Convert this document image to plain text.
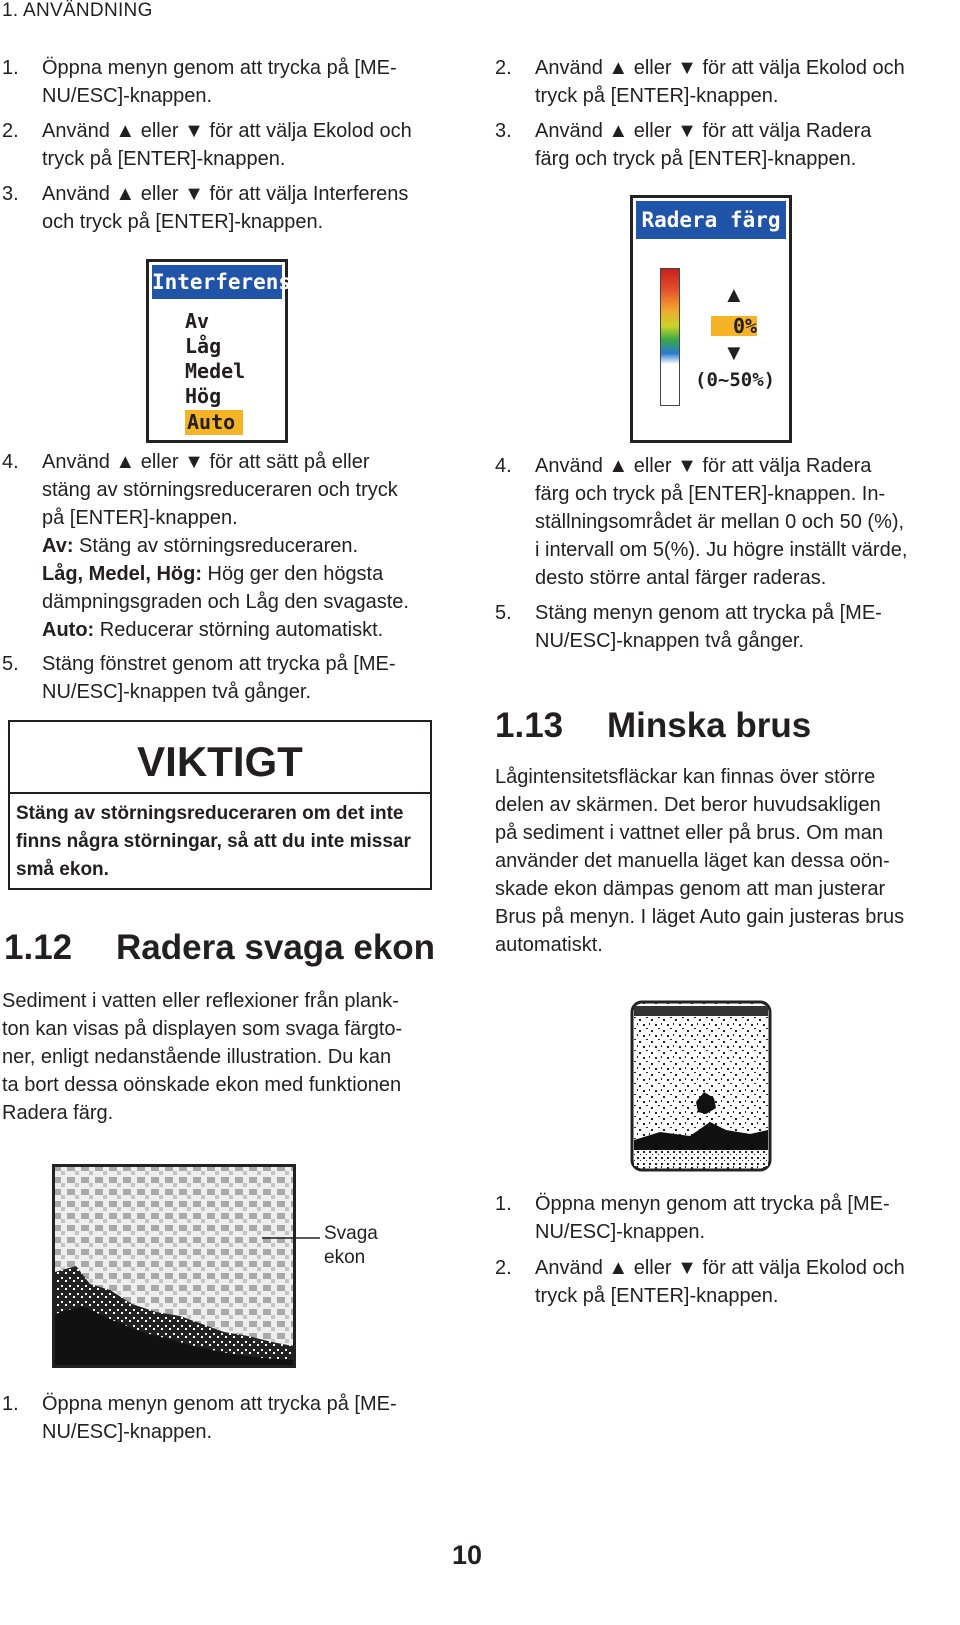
1. ANVÄNDNING
1.	Öppna menyn genom att trycka på [ME-
NU/ESC]-knappen.
2.	Använd ▲ eller ▼ för att välja Ekolod och
tryck på [ENTER]-knappen.
3.	Använd ▲ eller ▼ för att välja Interferens
och tryck på [ENTER]-knappen.
Interferens
Av
Låg
Medel
Hög
Auto
4.	Använd ▲ eller ▼ för att sätt på eller
stäng av störningsreduceraren och tryck
på [ENTER]-knappen.
Av: Stäng av störningsreduceraren.
Låg, Medel, Hög: Hög ger den högsta
dämpningsgraden och Låg den svagaste.
Auto: Reducerar störning automatiskt.
5.	Stäng fönstret genom att trycka på [ME-
NU/ESC]-knappen två gånger.
VIKTIGT
Stäng av störningsreduceraren om det inte
finns några störningar, så att du inte missar
små ekon.
1.12 Radera svaga ekon
Sediment i vatten eller reflexioner från plank-
ton kan visas på displayen som svaga färgto-
ner, enligt nedanstående illustration. Du kan
ta bort dessa oönskade ekon med funktionen
Radera färg.
Svaga
ekon
1.	Öppna menyn genom att trycka på [ME-
NU/ESC]-knappen.
2.	Använd ▲ eller ▼ för att välja Ekolod och
tryck på [ENTER]-knappen.
3.	Använd ▲ eller ▼ för att välja Radera
färg och tryck på [ENTER]-knappen.
Radera färg
▲
0%
▼
(0~50%)
4.	Använd ▲ eller ▼ för att välja Radera
färg och tryck på [ENTER]-knappen. In-
ställningsområdet är mellan 0 och 50 (%),
i intervall om 5(%). Ju högre inställt värde,
desto större antal färger raderas.
5.	Stäng menyn genom att trycka på [ME-
NU/ESC]-knappen två gånger.
1.13 Minska brus
Lågintensitetsfläckar kan finnas över större
delen av skärmen. Det beror huvudsakligen
på sediment i vattnet eller på brus. Om man
använder det manuella läget kan dessa oön-
skade ekon dämpas genom att man justerar
Brus på menyn. I läget Auto gain justeras brus
automatiskt.
1.	Öppna menyn genom att trycka på [ME-
NU/ESC]-knappen.
2.	Använd ▲ eller ▼ för att välja Ekolod och
tryck på [ENTER]-knappen.
10
